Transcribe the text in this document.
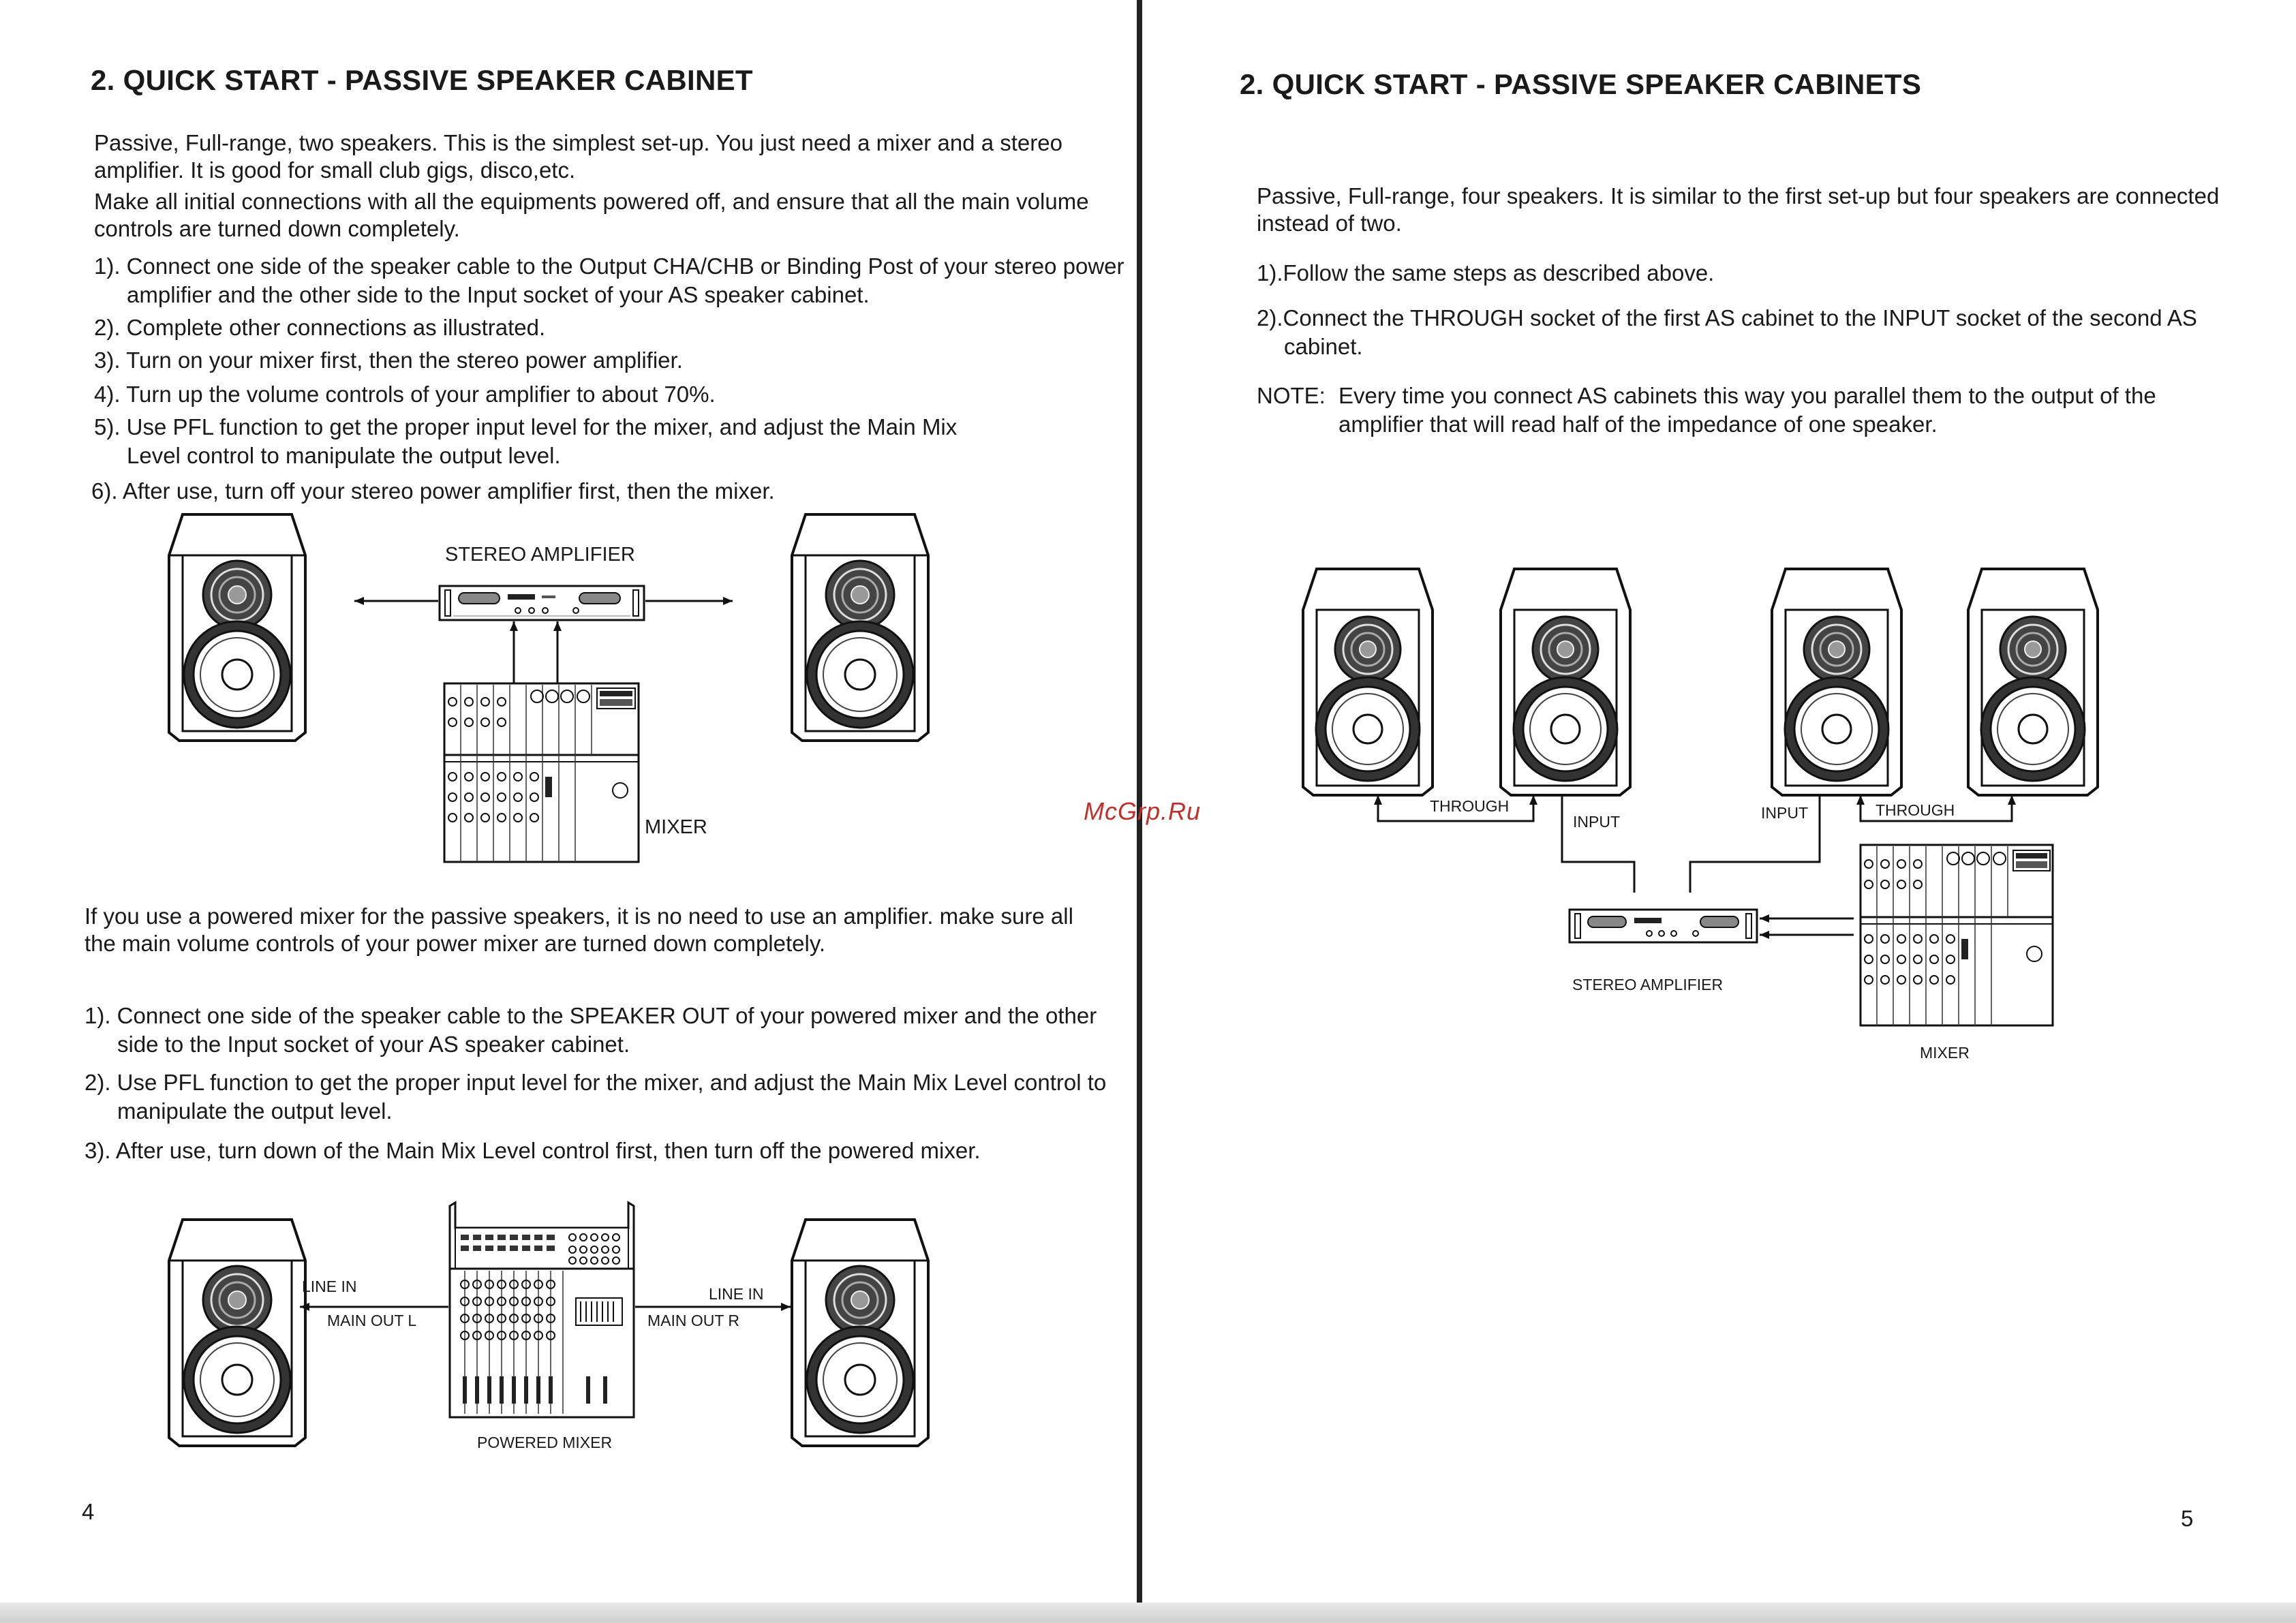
McGrp.Ru
2. QUICK START - PASSIVE SPEAKER CABINET

Passive, Full-range, two speakers. This is the simplest set-up. You just need a mixer and a stereo amplifier. It is good for small club gigs, disco,etc.

Make all initial connections with all the equipments powered off, and ensure that all the main volume controls are turned down completely.

1). Connect one side of the speaker cable to the Output CHA/CHB or Binding Post of your stereo power amplifier and the other side to the Input socket of your AS speaker cabinet.

2). Complete other connections as illustrated.

3). Turn on your mixer first, then the stereo power amplifier.

4). Turn up the volume controls of your amplifier to about 70%.

5). Use PFL function to get the proper input level for the mixer, and adjust the Main Mix Level control to manipulate the output level.

6). After use, turn off your stereo power amplifier first, then the mixer.

STEREO AMPLIFIER
MIXER

If you use a powered mixer for the passive speakers, it is no need to use an amplifier. make sure all the main volume controls of your power mixer are turned down completely.

1). Connect one side of the speaker cable to the SPEAKER OUT of your powered mixer and the other side to the Input socket of your AS speaker cabinet.

2). Use PFL function to get the proper input level for the mixer, and adjust the Main Mix Level control to manipulate the output level.

3). After use, turn down of the Main Mix Level control first, then turn off the powered mixer.

LINE IN
MAIN OUT L
LINE IN
MAIN OUT R
POWERED MIXER
4
2. QUICK START - PASSIVE SPEAKER CABINETS

Passive, Full-range, four speakers. It is similar to the first set-up but four speakers are connected instead of two.

1).Follow the same steps as described above.

2).Connect the THROUGH socket of the first AS cabinet to the INPUT socket of the second AS cabinet.

NOTE: Every time you connect AS cabinets this way you parallel them to the output of the amplifier that will read half of the impedance of one speaker.
THROUGH
INPUT	INPUT	THROUGH
STEREO AMPLIFIER
MIXER
5
